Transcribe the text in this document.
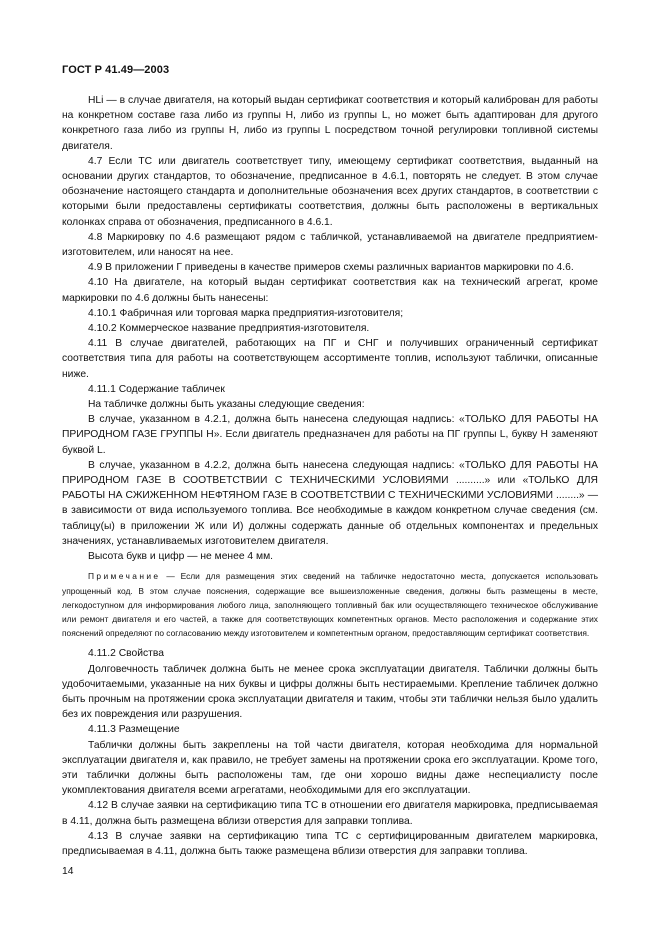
ГОСТ Р 41.49—2003

HLi — в случае двигателя, на который выдан сертификат соответствия и который калиброван для работы на конкретном составе газа либо из группы Н, либо из группы L, но может быть адаптирован для другого конкретного газа либо из группы Н, либо из группы L посредством точной регулировки топливной системы двигателя.

4.7 Если ТС или двигатель соответствует типу, имеющему сертификат соответствия, выданный на основании других стандартов, то обозначение, предписанное в 4.6.1, повторять не следует. В этом случае обозначение настоящего стандарта и дополнительные обозначения всех других стандартов, в соответствии с которыми были предоставлены сертификаты соответствия, должны быть расположены в вертикальных колонках справа от обозначения, предписанного в 4.6.1.

4.8 Маркировку по 4.6 размещают рядом с табличкой, устанавливаемой на двигателе предприятием-изготовителем, или наносят на нее.

4.9 В приложении Г приведены в качестве примеров схемы различных вариантов маркировки по 4.6.

4.10 На двигателе, на который выдан сертификат соответствия как на технический агрегат, кроме маркировки по 4.6 должны быть нанесены:

4.10.1 Фабричная или торговая марка предприятия-изготовителя;

4.10.2 Коммерческое название предприятия-изготовителя.

4.11 В случае двигателей, работающих на ПГ и СНГ и получивших ограниченный сертификат соответствия типа для работы на соответствующем ассортименте топлив, используют таблички, описанные ниже.

4.11.1 Содержание табличек

На табличке должны быть указаны следующие сведения:

В случае, указанном в 4.2.1, должна быть нанесена следующая надпись: «ТОЛЬКО ДЛЯ РАБОТЫ НА ПРИРОДНОМ ГАЗЕ ГРУППЫ Н». Если двигатель предназначен для работы на ПГ группы L, букву Н заменяют буквой L.

В случае, указанном в 4.2.2, должна быть нанесена следующая надпись: «ТОЛЬКО ДЛЯ РАБОТЫ НА ПРИРОДНОМ ГАЗЕ В СООТВЕТСТВИИ С ТЕХНИЧЕСКИМИ УСЛОВИЯМИ ..........» или «ТОЛЬКО ДЛЯ РАБОТЫ НА СЖИЖЕННОМ НЕФТЯНОМ ГАЗЕ В СООТВЕТСТВИИ С ТЕХНИЧЕСКИМИ УСЛОВИЯМИ ........» — в зависимости от вида используемого топлива. Все необходимые в каждом конкретном случае сведения (см. таблицу(ы) в приложении Ж или И) должны содержать данные об отдельных компонентах и предельных значениях, устанавливаемых изготовителем двигателя.

Высота букв и цифр — не менее 4 мм.

Примечание — Если для размещения этих сведений на табличке недостаточно места, допускается использовать упрощенный код. В этом случае пояснения, содержащие все вышеизложенные сведения, должны быть размещены в месте, легкодоступном для информирования любого лица, заполняющего топливный бак или осуществляющего техническое обслуживание или ремонт двигателя и его частей, а также для соответствующих компетентных органов. Место расположения и содержание этих пояснений определяют по согласованию между изготовителем и компетентным органом, предоставляющим сертификат соответствия.

4.11.2 Свойства

Долговечность табличек должна быть не менее срока эксплуатации двигателя. Таблички должны быть удобочитаемыми, указанные на них буквы и цифры должны быть нестираемыми. Крепление табличек должно быть прочным на протяжении срока эксплуатации двигателя и таким, чтобы эти таблички нельзя было удалить без их повреждения или разрушения.

4.11.3 Размещение

Таблички должны быть закреплены на той части двигателя, которая необходима для нормальной эксплуатации двигателя и, как правило, не требует замены на протяжении срока его эксплуатации. Кроме того, эти таблички должны быть расположены там, где они хорошо видны даже неспециалисту после укомплектования двигателя всеми агрегатами, необходимыми для его эксплуатации.

4.12 В случае заявки на сертификацию типа ТС в отношении его двигателя маркировка, предписываемая в 4.11, должна быть размещена вблизи отверстия для заправки топлива.

4.13 В случае заявки на сертификацию типа ТС с сертифицированным двигателем маркировка, предписываемая в 4.11, должна быть также размещена вблизи отверстия для заправки топлива.

14
